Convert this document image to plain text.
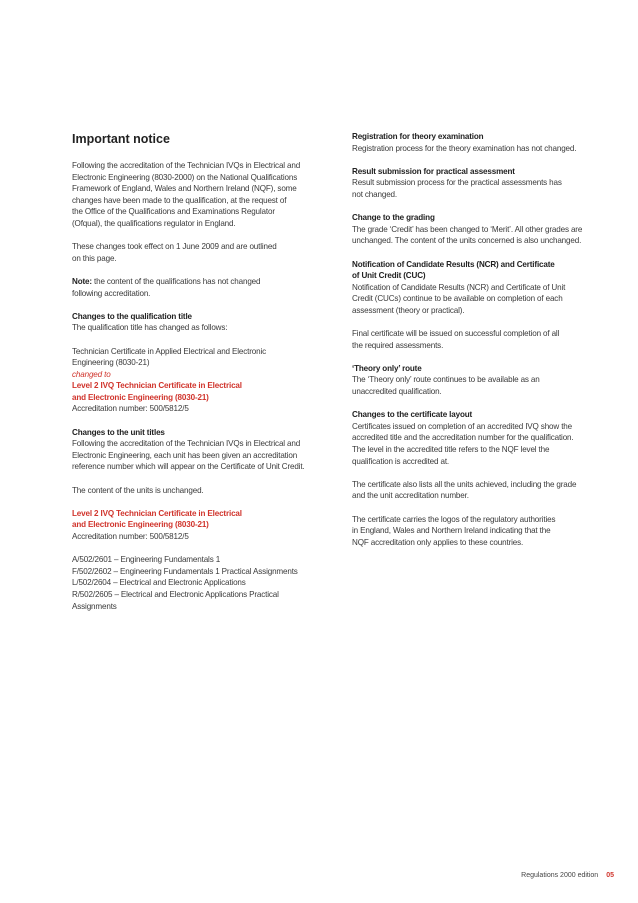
Important notice

Following the accreditation of the Technician IVQs in Electrical and

Electronic Engineering (8030-2000) on the National Qualifications

Framework of England, Wales and Northern Ireland (NQF), some

changes have been made to the qualification, at the request of

the Office of the Qualifications and Examinations Regulator

(Ofqual), the qualifications regulator in England.

These changes took effect on 1 June 2009 and are outlined

on this page.

Note: the content of the qualifications has not changed

following accreditation.

Changes to the qualification title

The qualification title has changed as follows:

Technician Certificate in Applied Electrical and Electronic

Engineering (8030-21)

changed to

Level 2 IVQ Technician Certificate in Electrical

and Electronic Engineering (8030-21)

Accreditation number: 500/5812/5

Changes to the unit titles

Following the accreditation of the Technician IVQs in Electrical and

Electronic Engineering, each unit has been given an accreditation

reference number which will appear on the Certificate of Unit Credit.

The content of the units is unchanged.

Level 2 IVQ Technician Certificate in Electrical

and Electronic Engineering (8030-21)

Accreditation number: 500/5812/5

A/502/2601 – Engineering Fundamentals 1

F/502/2602 – Engineering Fundamentals 1 Practical Assignments

L/502/2604 – Electrical and Electronic Applications

R/502/2605 – Electrical and Electronic Applications Practical

Assignments

Registration for theory examination

Registration process for the theory examination has not changed.

Result submission for practical assessment

Result submission process for the practical assessments has

not changed.

Change to the grading

The grade ‘Credit’ has been changed to ‘Merit’. All other grades are

unchanged. The content of the units concerned is also unchanged.

Notification of Candidate Results (NCR) and Certificate

of Unit Credit (CUC)

Notification of Candidate Results (NCR) and Certificate of Unit

Credit (CUCs) continue to be available on completion of each

assessment (theory or practical).

Final certificate will be issued on successful completion of all

the required assessments.

‘Theory only’ route

The ‘Theory only’ route continues to be available as an

unaccredited qualification.

Changes to the certificate layout

Certificates issued on completion of an accredited IVQ show the

accredited title and the accreditation number for the qualification.

The level in the accredited title refers to the NQF level the

qualification is accredited at.

The certificate also lists all the units achieved, including the grade

and the unit accreditation number.

The certificate carries the logos of the regulatory authorities

in England, Wales and Northern Ireland indicating that the

NQF accreditation only applies to these countries.

Regulations 2000 edition 05
